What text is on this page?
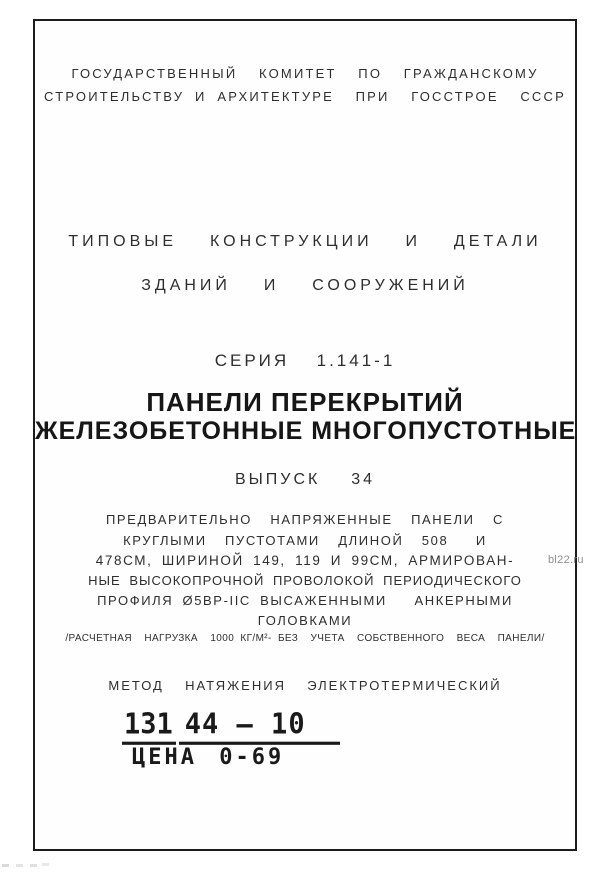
ГОСУДАРСТВЕННЫЙ  КОМИТЕТ  ПО  ГРАЖДАНСКОМУ
СТРОИТЕЛЬСТВУ И АРХИТЕКТУРЕ  ПРИ  ГОССТРОЕ  СССР
ТИПОВЫЕ  КОНСТРУКЦИИ  И  ДЕТАЛИ
ЗДАНИЙ  И  СООРУЖЕНИЙ
СЕРИЯ  1.141-1
ПАНЕЛИ ПЕРЕКРЫТИЙ
ЖЕЛЕЗОБЕТОННЫЕ МНОГОПУСТОТНЫЕ
ВЫПУСК  34
ПРЕДВАРИТЕЛЬНО  НАПРЯЖЕННЫЕ  ПАНЕЛИ  С
КРУГЛЫМИ  ПУСТОТАМИ  ДЛИНОЙ  508   И
478СМ, ШИРИНОЙ 149, 119 И 99СМ, АРМИРОВАН-
НЫЕ ВЫСОКОПРОЧНОЙ ПРОВОЛОКОЙ ПЕРИОДИЧЕСКОГО
ПРОФИЛЯ Ø5ВР-IIС ВЫСАЖЕННЫМИ   АНКЕРНЫМИ
ГОЛОВКАМИ
/РАСЧЕТНАЯ  НАГРУЗКА  1000 КГ/М²- БЕЗ  УЧЕТА  СОБСТВЕННОГО  ВЕСА  ПАНЕЛИ/
МЕТОД  НАТЯЖЕНИЯ  ЭЛЕКТРОТЕРМИЧЕСКИЙ
131 44 – 10
ЦЕНА 0-69
bl22.ru
